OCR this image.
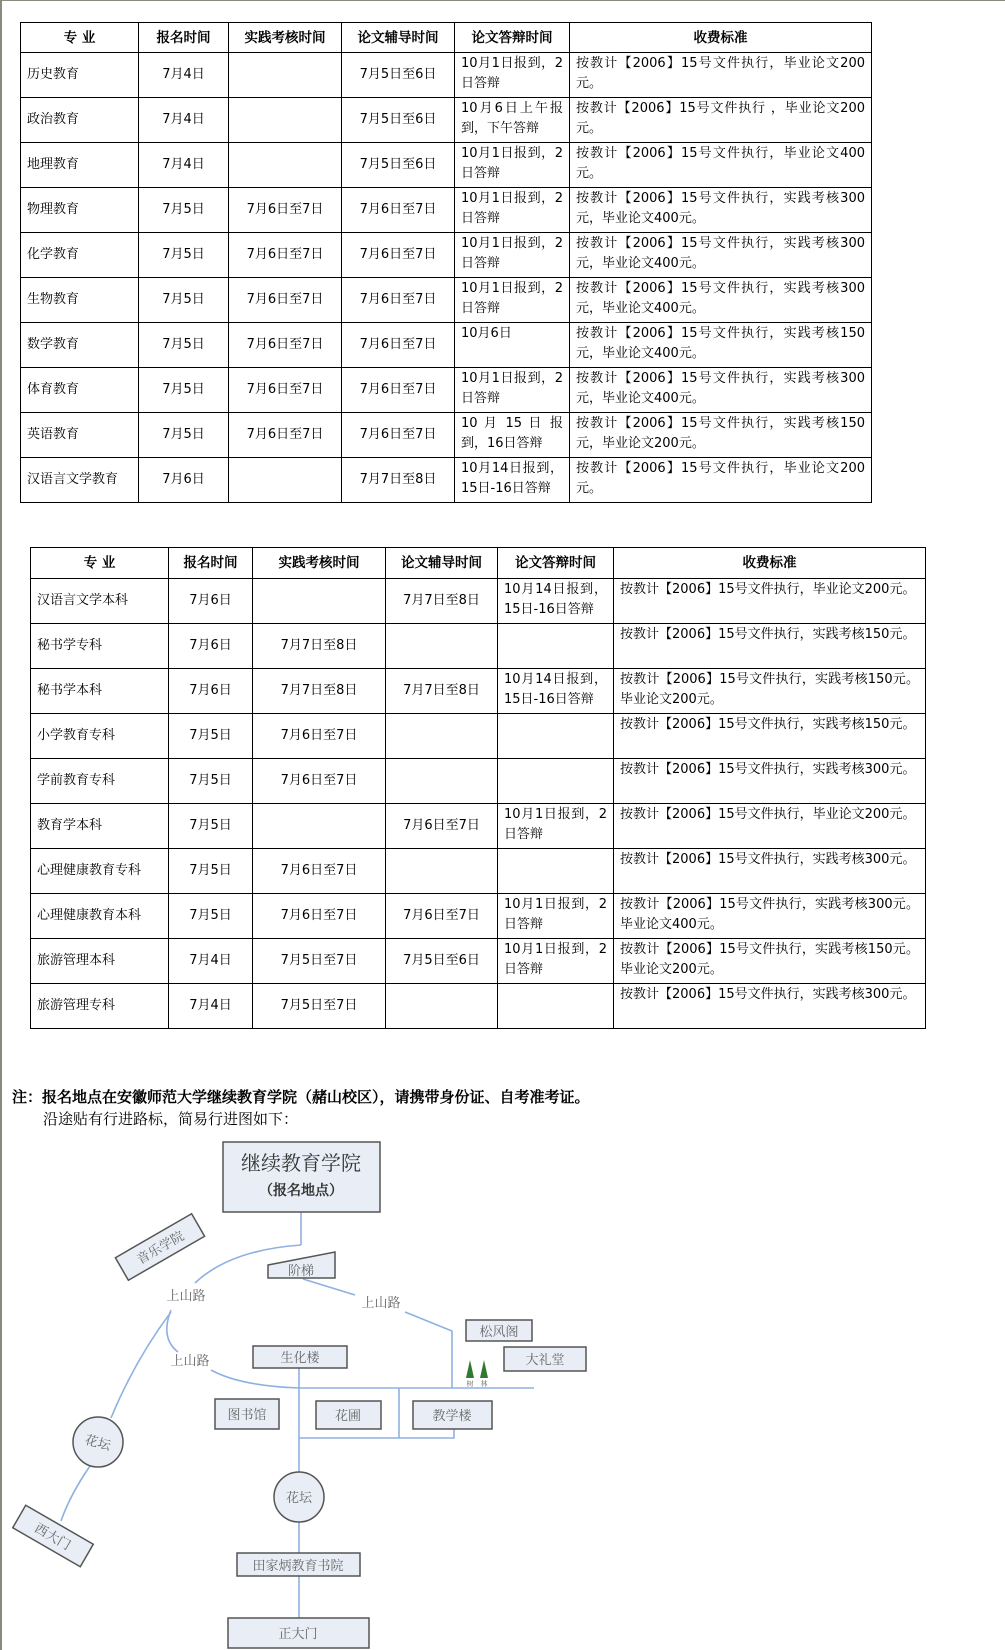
专 业	报名时间	实践考核时间	论文辅导时间	论文答辩时间	收费标准
历史教育	7月4日		7月5日至6日	10月1日报到，2日答辩	按教计【2006】15号文件执行，毕业论文200元。
政治教育	7月4日		7月5日至6日	10月6日上午报到，下午答辩	按教计【2006】15号文件执行 ，毕业论文200元。
地理教育	7月4日		7月5日至6日	10月1日报到，2日答辩	按教计【2006】15号文件执行，毕业论文400元。
物理教育	7月5日	7月6日至7日	7月6日至7日	10月1日报到，2日答辩	按教计【2006】15号文件执行，实践考核300元，毕业论文400元。
化学教育	7月5日	7月6日至7日	7月6日至7日	10月1日报到，2日答辩	按教计【2006】15号文件执行，实践考核300元，毕业论文400元。
生物教育	7月5日	7月6日至7日	7月6日至7日	10月1日报到，2日答辩	按教计【2006】15号文件执行，实践考核300元，毕业论文400元。
数学教育	7月5日	7月6日至7日	7月6日至7日	10月6日	按教计【2006】15号文件执行，实践考核150元，毕业论文400元。
体育教育	7月5日	7月6日至7日	7月6日至7日	10月1日报到，2日答辩	按教计【2006】15号文件执行，实践考核300元，毕业论文400元。
英语教育	7月5日	7月6日至7日	7月6日至7日	10 月 15 日 报到，16日答辩	按教计【2006】15号文件执行，实践考核150元，毕业论文200元。
汉语言文学教育	7月6日		7月7日至8日	10月14日报到，15日-16日答辩	按教计【2006】15号文件执行，毕业论文200元。
专 业	报名时间	实践考核时间	论文辅导时间	论文答辩时间	收费标准
汉语言文学本科	7月6日		7月7日至8日	10月14日报到，15日-16日答辩	按教计【2006】15号文件执行，毕业论文200元。
秘书学专科	7月6日	7月7日至8日			按教计【2006】15号文件执行，实践考核150元。
秘书学本科	7月6日	7月7日至8日	7月7日至8日	10月14日报到，15日-16日答辩	按教计【2006】15号文件执行，实践考核150元。毕业论文200元。
小学教育专科	7月5日	7月6日至7日			按教计【2006】15号文件执行，实践考核150元。
学前教育专科	7月5日	7月6日至7日			按教计【2006】15号文件执行，实践考核300元。
教育学本科	7月5日		7月6日至7日	10月1日报到，2日答辩	按教计【2006】15号文件执行，毕业论文200元。
心理健康教育专科	7月5日	7月6日至7日			按教计【2006】15号文件执行，实践考核300元。
心理健康教育本科	7月5日	7月6日至7日	7月6日至7日	10月1日报到，2日答辩	按教计【2006】15号文件执行，实践考核300元。毕业论文400元。
旅游管理本科	7月4日	7月5日至7日	7月5日至6日	10月1日报到，2日答辩	按教计【2006】15号文件执行，实践考核150元。毕业论文200元。
旅游管理专科	7月4日	7月5日至7日			按教计【2006】15号文件执行，实践考核300元。
注：报名地点在安徽师范大学继续教育学院（赭山校区），请携带身份证、自考准考证。
沿途贴有行进路标，简易行进图如下：
继续教育学院
（报名地点）
音乐学院
阶梯
上山路	上山路
上山路
松风阁
大礼堂
生化楼
图书馆	花圃	教学楼
花坛
花坛
西大门
田家炳教育书院
正大门
树 林
